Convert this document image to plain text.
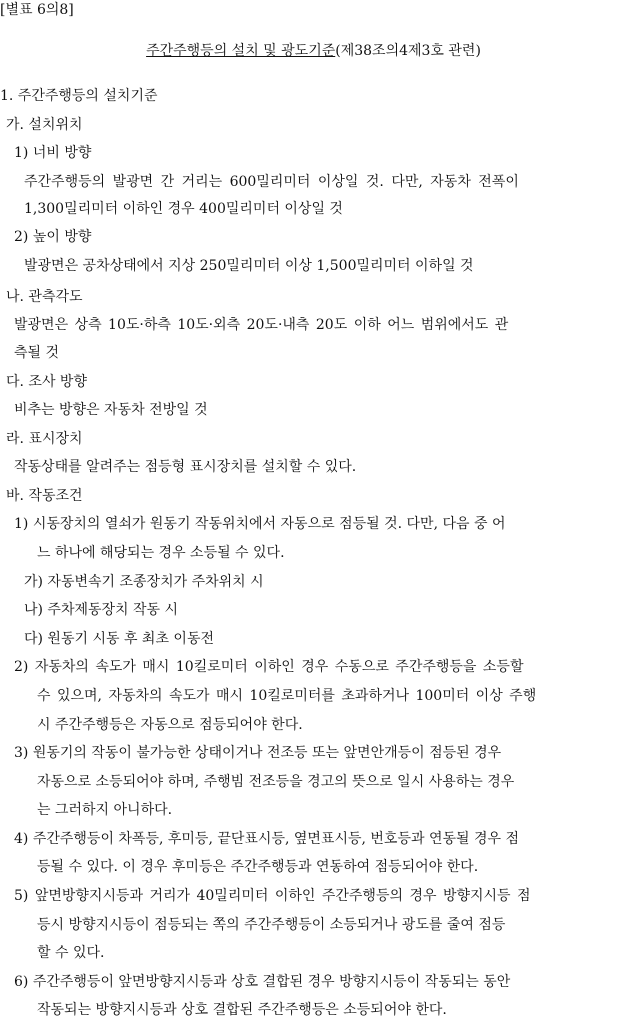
[별표 6의8]
주간주행등의 설치 및 광도기준(제38조의4제3호 관련)
1. 주간주행등의 설치기준
가. 설치위치
1) 너비 방향
주간주행등의 발광면 간 거리는 600밀리미터 이상일 것. 다만, 자동차 전폭이
1,300밀리미터 이하인 경우 400밀리미터 이상일 것
2) 높이 방향
발광면은 공차상태에서 지상 250밀리미터 이상 1,500밀리미터 이하일 것
나. 관측각도
발광면은 상측 10도·하측 10도·외측 20도·내측 20도 이하 어느 범위에서도 관
측될 것
다. 조사 방향
비추는 방향은 자동차 전방일 것
라. 표시장치
작동상태를 알려주는 점등형 표시장치를 설치할 수 있다.
바. 작동조건
1) 시동장치의 열쇠가 원동기 작동위치에서 자동으로 점등될 것. 다만, 다음 중 어
느 하나에 해당되는 경우 소등될 수 있다.
가) 자동변속기 조종장치가 주차위치 시
나) 주차제동장치 작동 시
다) 원동기 시동 후 최초 이동전
2) 자동차의 속도가 매시 10킬로미터 이하인 경우 수동으로 주간주행등을 소등할
수 있으며, 자동차의 속도가 매시 10킬로미터를 초과하거나 100미터 이상 주행
시 주간주행등은 자동으로 점등되어야 한다.
3) 원동기의 작동이 불가능한 상태이거나 전조등 또는 앞면안개등이 점등된 경우
자동으로 소등되어야 하며, 주행빔 전조등을 경고의 뜻으로 일시 사용하는 경우
는 그러하지 아니하다.
4) 주간주행등이 차폭등, 후미등, 끝단표시등, 옆면표시등, 번호등과 연동될 경우 점
등될 수 있다. 이 경우 후미등은 주간주행등과 연동하여 점등되어야 한다.
5) 앞면방향지시등과 거리가 40밀리미터 이하인 주간주행등의 경우 방향지시등 점
등시 방향지시등이 점등되는 쪽의 주간주행등이 소등되거나 광도를 줄여 점등
할 수 있다.
6) 주간주행등이 앞면방향지시등과 상호 결합된 경우 방향지시등이 작동되는 동안
작동되는 방향지시등과 상호 결합된 주간주행등은 소등되어야 한다.
